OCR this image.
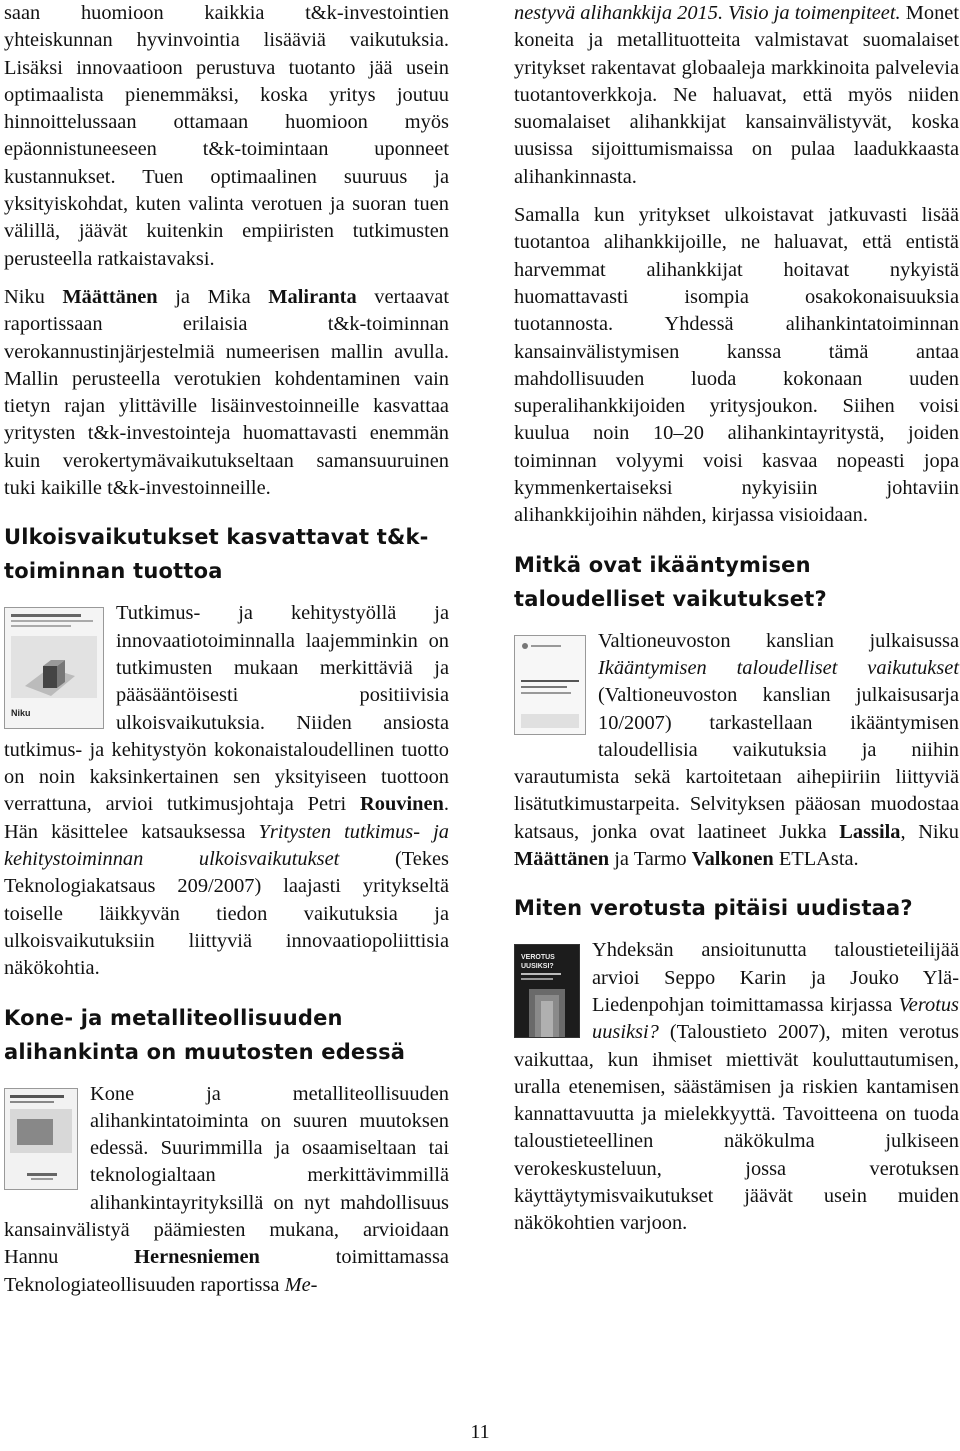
saan huomioon kaikkia t&k-investointien yhteiskunnan hyvinvointia lisääviä vaikutuksia. Lisäksi innovaatioon perustuva tuotanto jää usein optimaalista pienemmäksi, koska yritys joutuu hinnoittelussaan ottamaan huomioon myös epäonnistuneeseen t&k-toimintaan uponneet kustannukset. Tuen optimaalinen suuruus ja yksityiskohdat, kuten valinta verotuen ja suoran tuen välillä, jäävät kuitenkin empiiristen tutkimusten perusteella ratkaistavaksi.

Niku Määttänen ja Mika Maliranta vertaavat raportissaan erilaisia t&k-toiminnan verokannustinjärjestelmiä numeerisen mallin avulla. Mallin perusteella verotukien kohdentaminen vain tietyn rajan ylittäville lisäinvestoinneille kasvattaa yritysten t&k-investointeja huomattavasti enemmän kuin verokertymävaikutukseltaan samansuuruinen tuki kaikille t&k-investoinneille.

Ulkoisvaikutukset kasvattavat t&k-toiminnan tuottoa
Niku

Tutkimus- ja kehitystyöllä ja innovaatiotoiminnalla laajemminkin on tutkimusten mukaan merkittäviä ja pääsääntöisesti positiivisia ulkoisvaikutuksia. Niiden ansiosta tutkimus- ja kehitystyön kokonaistaloudellinen tuotto on noin kaksinkertainen sen yksityiseen tuottoon verrattuna, arvioi tutkimusjohtaja Petri Rouvinen. Hän käsittelee katsauksessa Yritysten tutkimus- ja kehitystoiminnan ulkoisvaikutukset (Tekes Teknologiakatsaus 209/2007) laajasti yritykseltä toiselle läikkyvän tiedon vaikutuksia ja ulkoisvaikutuksiin liittyviä innovaatiopoliittisia näkökohtia.

Kone- ja metalliteollisuuden alihankinta on muutosten edessä

Kone ja metalliteollisuuden alihankintatoiminta on suuren muutoksen edessä. Suurimmilla ja osaamiseltaan tai teknologialtaan merkittävimmillä alihankintayrityksillä on nyt mahdollisuus kansainvälistyä päämiesten mukana, arvioidaan Hannu Hernesniemen toimittamassa Teknologiateollisuuden raportissa Me-

nestyvä alihankkija 2015. Visio ja toimenpiteet. Monet koneita ja metallituotteita valmistavat suomalaiset yritykset rakentavat globaaleja markkinoita palvelevia tuotantoverkkoja. Ne haluavat, että myös niiden suomalaiset alihankkijat kansainvälistyvät, koska uusissa sijoittumismaissa on pulaa laadukkaasta alihankinnasta.

Samalla kun yritykset ulkoistavat jatkuvasti lisää tuotantoa alihankkijoille, ne haluavat, että entistä harvemmat alihankkijat hoitavat nykyistä huomattavasti isompia osakokonaisuuksia tuotannosta. Yhdessä alihankintatoiminnan kansainvälistymisen kanssa tämä antaa mahdollisuuden luoda kokonaan uuden superalihankkijoiden yritysjoukon. Siihen voisi kuulua noin 10–20 alihankintayritystä, joiden toiminnan volyymi voisi kasvaa nopeasti jopa kymmenkertaiseksi nykyisiin johtaviin alihankkijoihin nähden, kirjassa visioidaan.

Mitkä ovat ikääntymisen taloudelliset vaikutukset?

Valtioneuvoston kanslian julkaisussa Ikääntymisen taloudelliset vaikutukset (Valtioneuvoston kanslian julkaisusarja 10/2007) tarkastellaan ikääntymisen taloudellisia vaikutuksia ja niihin varautumista sekä kartoitetaan aihepiiriin liittyviä lisätutkimustarpeita. Selvityksen pääosan muodostaa katsaus, jonka ovat laatineet Jukka Lassila, Niku Määttänen ja Tarmo Valkonen ETLAsta.

Miten verotusta pitäisi uudistaa?
VEROTUS UUSIKSI?

Yhdeksän ansioitunutta taloustieteilijää arvioi Seppo Karin ja Jouko Ylä-Liedenpohjan toimittamassa kirjassa Verotus uusiksi? (Taloustieto 2007), miten verotus vaikuttaa, kun ihmiset miettivät kouluttautumisen, uralla etenemisen, säästämisen ja riskien kantamisen kannattavuutta ja mielekkyyttä. Tavoitteena on tuoda taloustieteellinen näkökulma julkiseen verokeskusteluun, jossa verotuksen käyttäytymisvaikutukset jäävät usein muiden näkökohtien varjoon.

11
